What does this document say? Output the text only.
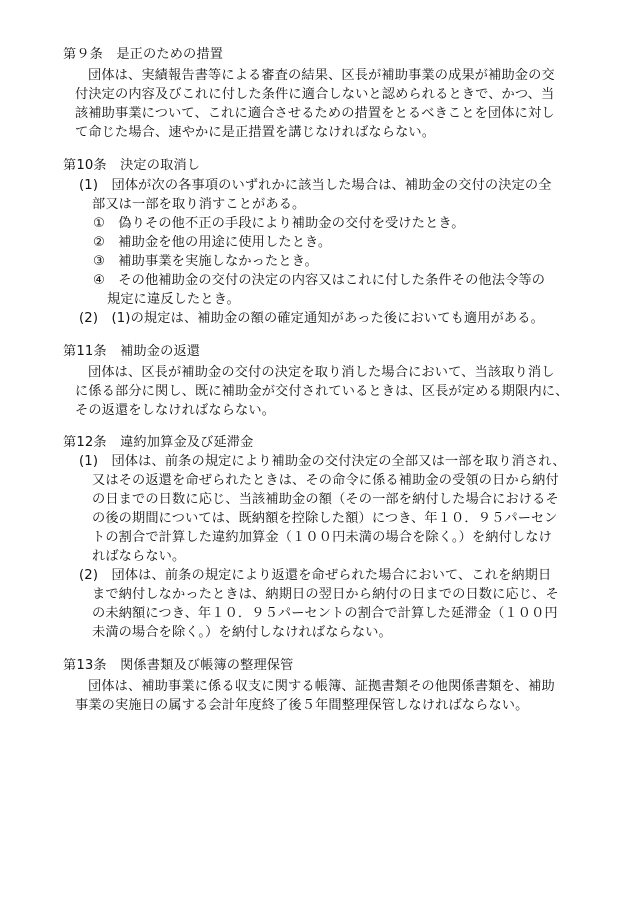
第９条　是正のための措置
団体は、実績報告書等による審査の結果、区長が補助事業の成果が補助金の交
付決定の内容及びこれに付した条件に適合しないと認められるときで、かつ、当
該補助事業について、これに適合させるための措置をとるべきことを団体に対し
て命じた場合、速やかに是正措置を講じなければならない。
第10条　決定の取消し
(1)　団体が次の各事項のいずれかに該当した場合は、補助金の交付の決定の全
部又は一部を取り消すことがある。
①　偽りその他不正の手段により補助金の交付を受けたとき。
②　補助金を他の用途に使用したとき。
③　補助事業を実施しなかったとき。
④　その他補助金の交付の決定の内容又はこれに付した条件その他法令等の
規定に違反したとき。
(2)　(1)の規定は、補助金の額の確定通知があった後においても適用がある。
第11条　補助金の返還
団体は、区長が補助金の交付の決定を取り消した場合において、当該取り消し
に係る部分に関し、既に補助金が交付されているときは、区長が定める期限内に、
その返還をしなければならない。
第12条　違約加算金及び延滞金
(1)　団体は、前条の規定により補助金の交付決定の全部又は一部を取り消され、
又はその返還を命ぜられたときは、その命令に係る補助金の受領の日から納付
の日までの日数に応じ、当該補助金の額（その一部を納付した場合におけるそ
の後の期間については、既納額を控除した額）につき、年１０．９５パーセン
トの割合で計算した違約加算金（１００円未満の場合を除く。）を納付しなけ
ればならない。
(2)　団体は、前条の規定により返還を命ぜられた場合において、これを納期日
まで納付しなかったときは、納期日の翌日から納付の日までの日数に応じ、そ
の未納額につき、年１０．９５パーセントの割合で計算した延滞金（１００円
未満の場合を除く。）を納付しなければならない。
第13条　関係書類及び帳簿の整理保管
団体は、補助事業に係る収支に関する帳簿、証拠書類その他関係書類を、補助
事業の実施日の属する会計年度終了後５年間整理保管しなければならない。
